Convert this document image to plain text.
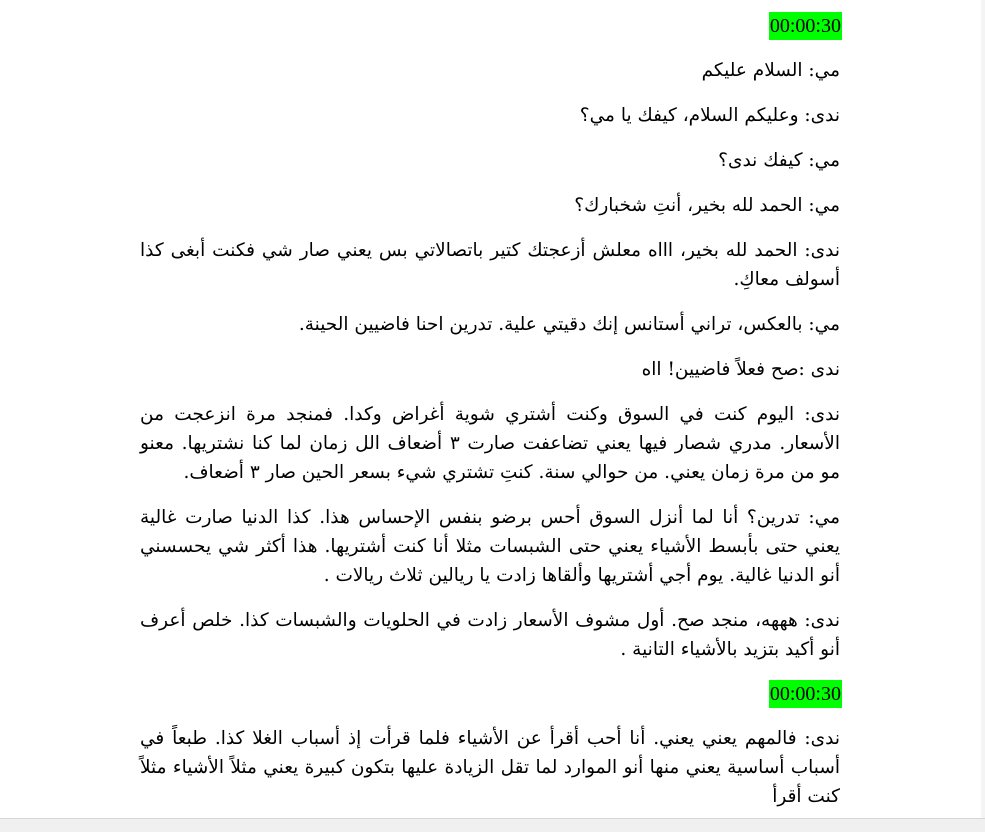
00:00:30

مي: السلام عليكم

ندى: وعليكم السلام، كيفك يا مي؟

مي: كيفك ندى؟

مي: الحمد لله بخير، أنتِ شخبارك؟

ندى: الحمد لله بخير، اااه معلش أزعجتك كتير باتصالاتي بس يعني صار شي فكنت أبغى كذا أسولف معاكِ.

مي: بالعكس، تراني أستانس إنك دقيتي علية. تدرين احنا فاضيين الحينة.

ندى :صح فعلاً فاضيين! ااه

ندى: اليوم كنت في السوق وكنت أشتري شوية أغراض وكدا. فمنجد مرة انزعجت من الأسعار. مدري شصار فيها يعني تضاعفت صارت ٣ أضعاف الل زمان لما كنا نشتريها. معنو مو من مرة زمان يعني. من حوالي سنة. كنتِ تشتري شيء بسعر الحين صار ٣ أضعاف.

مي: تدرين؟ أنا لما أنزل السوق أحس برضو بنفس الإحساس هذا. كذا الدنيا صارت غالية يعني حتى بأبسط الأشياء يعني حتى الشبسات مثلا أنا كنت أشتريها. هذا أكثر شي يحسسني أنو الدنيا غالية. يوم أجي أشتريها وألقاها زادت يا ريالين ثلاث ريالات .

ندى: هههه، منجد صح. أول مشوف الأسعار زادت في الحلويات والشبسات كذا. خلص أعرف أنو أكيد بتزيد بالأشياء التانية .

00:00:30

ندى: فالمهم يعني يعني. أنا أحب أقرأ عن الأشياء فلما قرأت إذ أسباب الغلا كذا. طبعاً في أسباب أساسية يعني منها أنو الموارد لما تقل الزيادة عليها بتكون كبيرة يعني مثلاً الأشياء مثلاً كنت أقرأ
